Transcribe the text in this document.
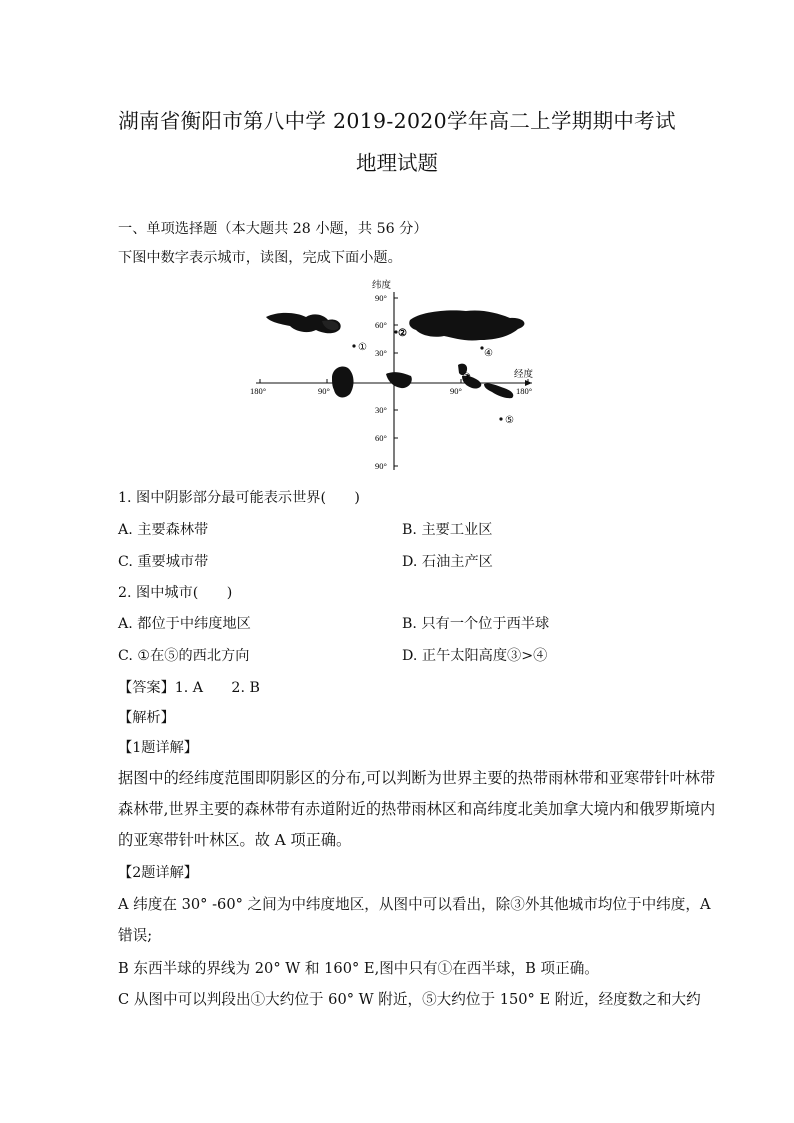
湖南省衡阳市第八中学 2019-2020学年高二上学期期中考试
地理试题
一、单项选择题（本大题共 28 小题，共 56 分）
下图中数字表示城市，读图，完成下面小题。
纬度
经度
90°
60°
30°
30°
60°
90°
180°	90°	90°	180°
①
②
③
④
⑤
1. 图中阴影部分最可能表示世界(　　)
A. 主要森林带	B. 主要工业区
C. 重要城市带	D. 石油主产区
2. 图中城市(　　)
A. 都位于中纬度地区	B. 只有一个位于西半球
C. ①在⑤的西北方向	D. 正午太阳高度③>④
【答案】1. A　　2. B
【解析】
【1题详解】
据图中的经纬度范围即阴影区的分布,可以判断为世界主要的热带雨林带和亚寒带针叶林带
森林带,世界主要的森林带有赤道附近的热带雨林区和高纬度北美加拿大境内和俄罗斯境内
的亚寒带针叶林区。故 A 项正确。
【2题详解】
A 纬度在 30° -60° 之间为中纬度地区，从图中可以看出，除③外其他城市均位于中纬度，A
错误;
B 东西半球的界线为 20° W 和 160° E,图中只有①在西半球，B 项正确。
C 从图中可以判段出①大约位于 60° W 附近，⑤大约位于 150° E 附近，经度数之和大约
